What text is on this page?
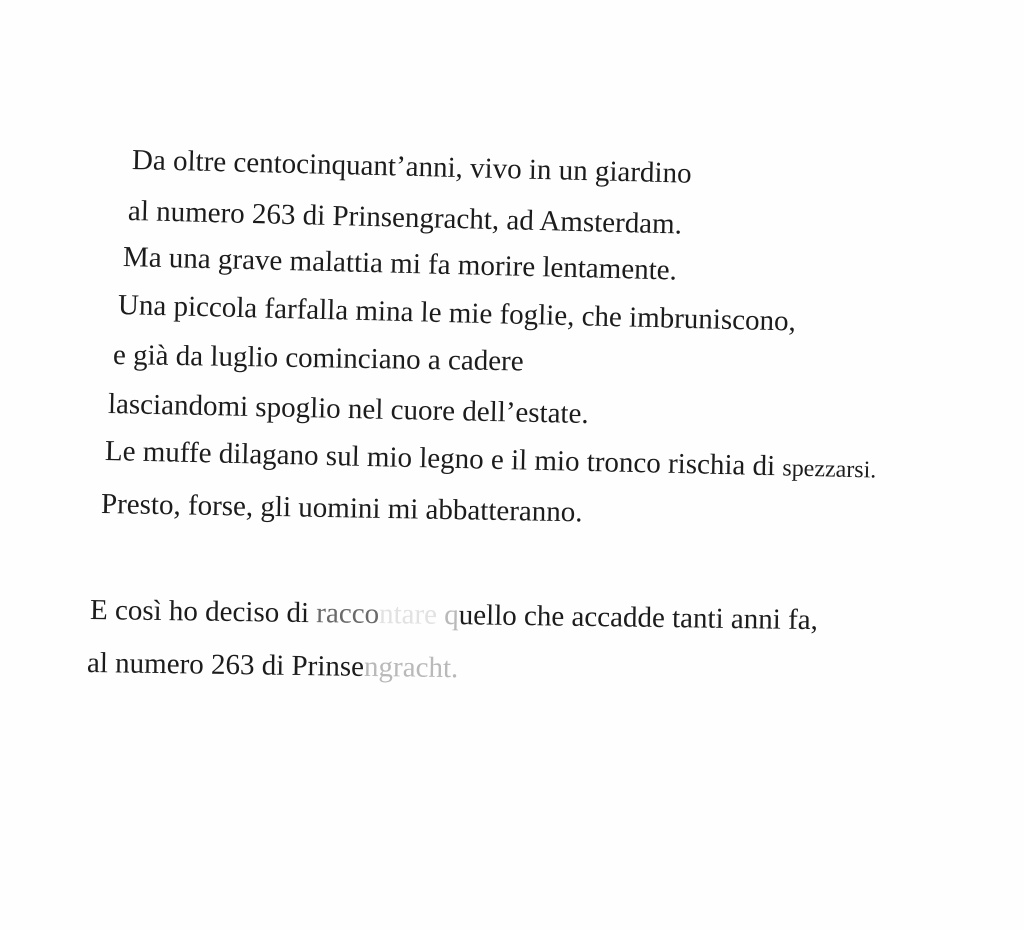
Da oltre centocinquant’anni, vivo in un giardino
al numero 263 di Prinsengracht, ad Amsterdam.
Ma una grave malattia mi fa morire lentamente.
Una piccola farfalla mina le mie foglie, che imbruniscono,
e già da luglio cominciano a cadere
lasciandomi spoglio nel cuore dell’estate.
Le muffe dilagano sul mio legno e il mio tronco rischia di spezzarsi.
Presto, forse, gli uomini mi abbatteranno.
E così ho deciso di raccontare quello che accadde tanti anni fa,
al numero 263 di Prinsengracht.
